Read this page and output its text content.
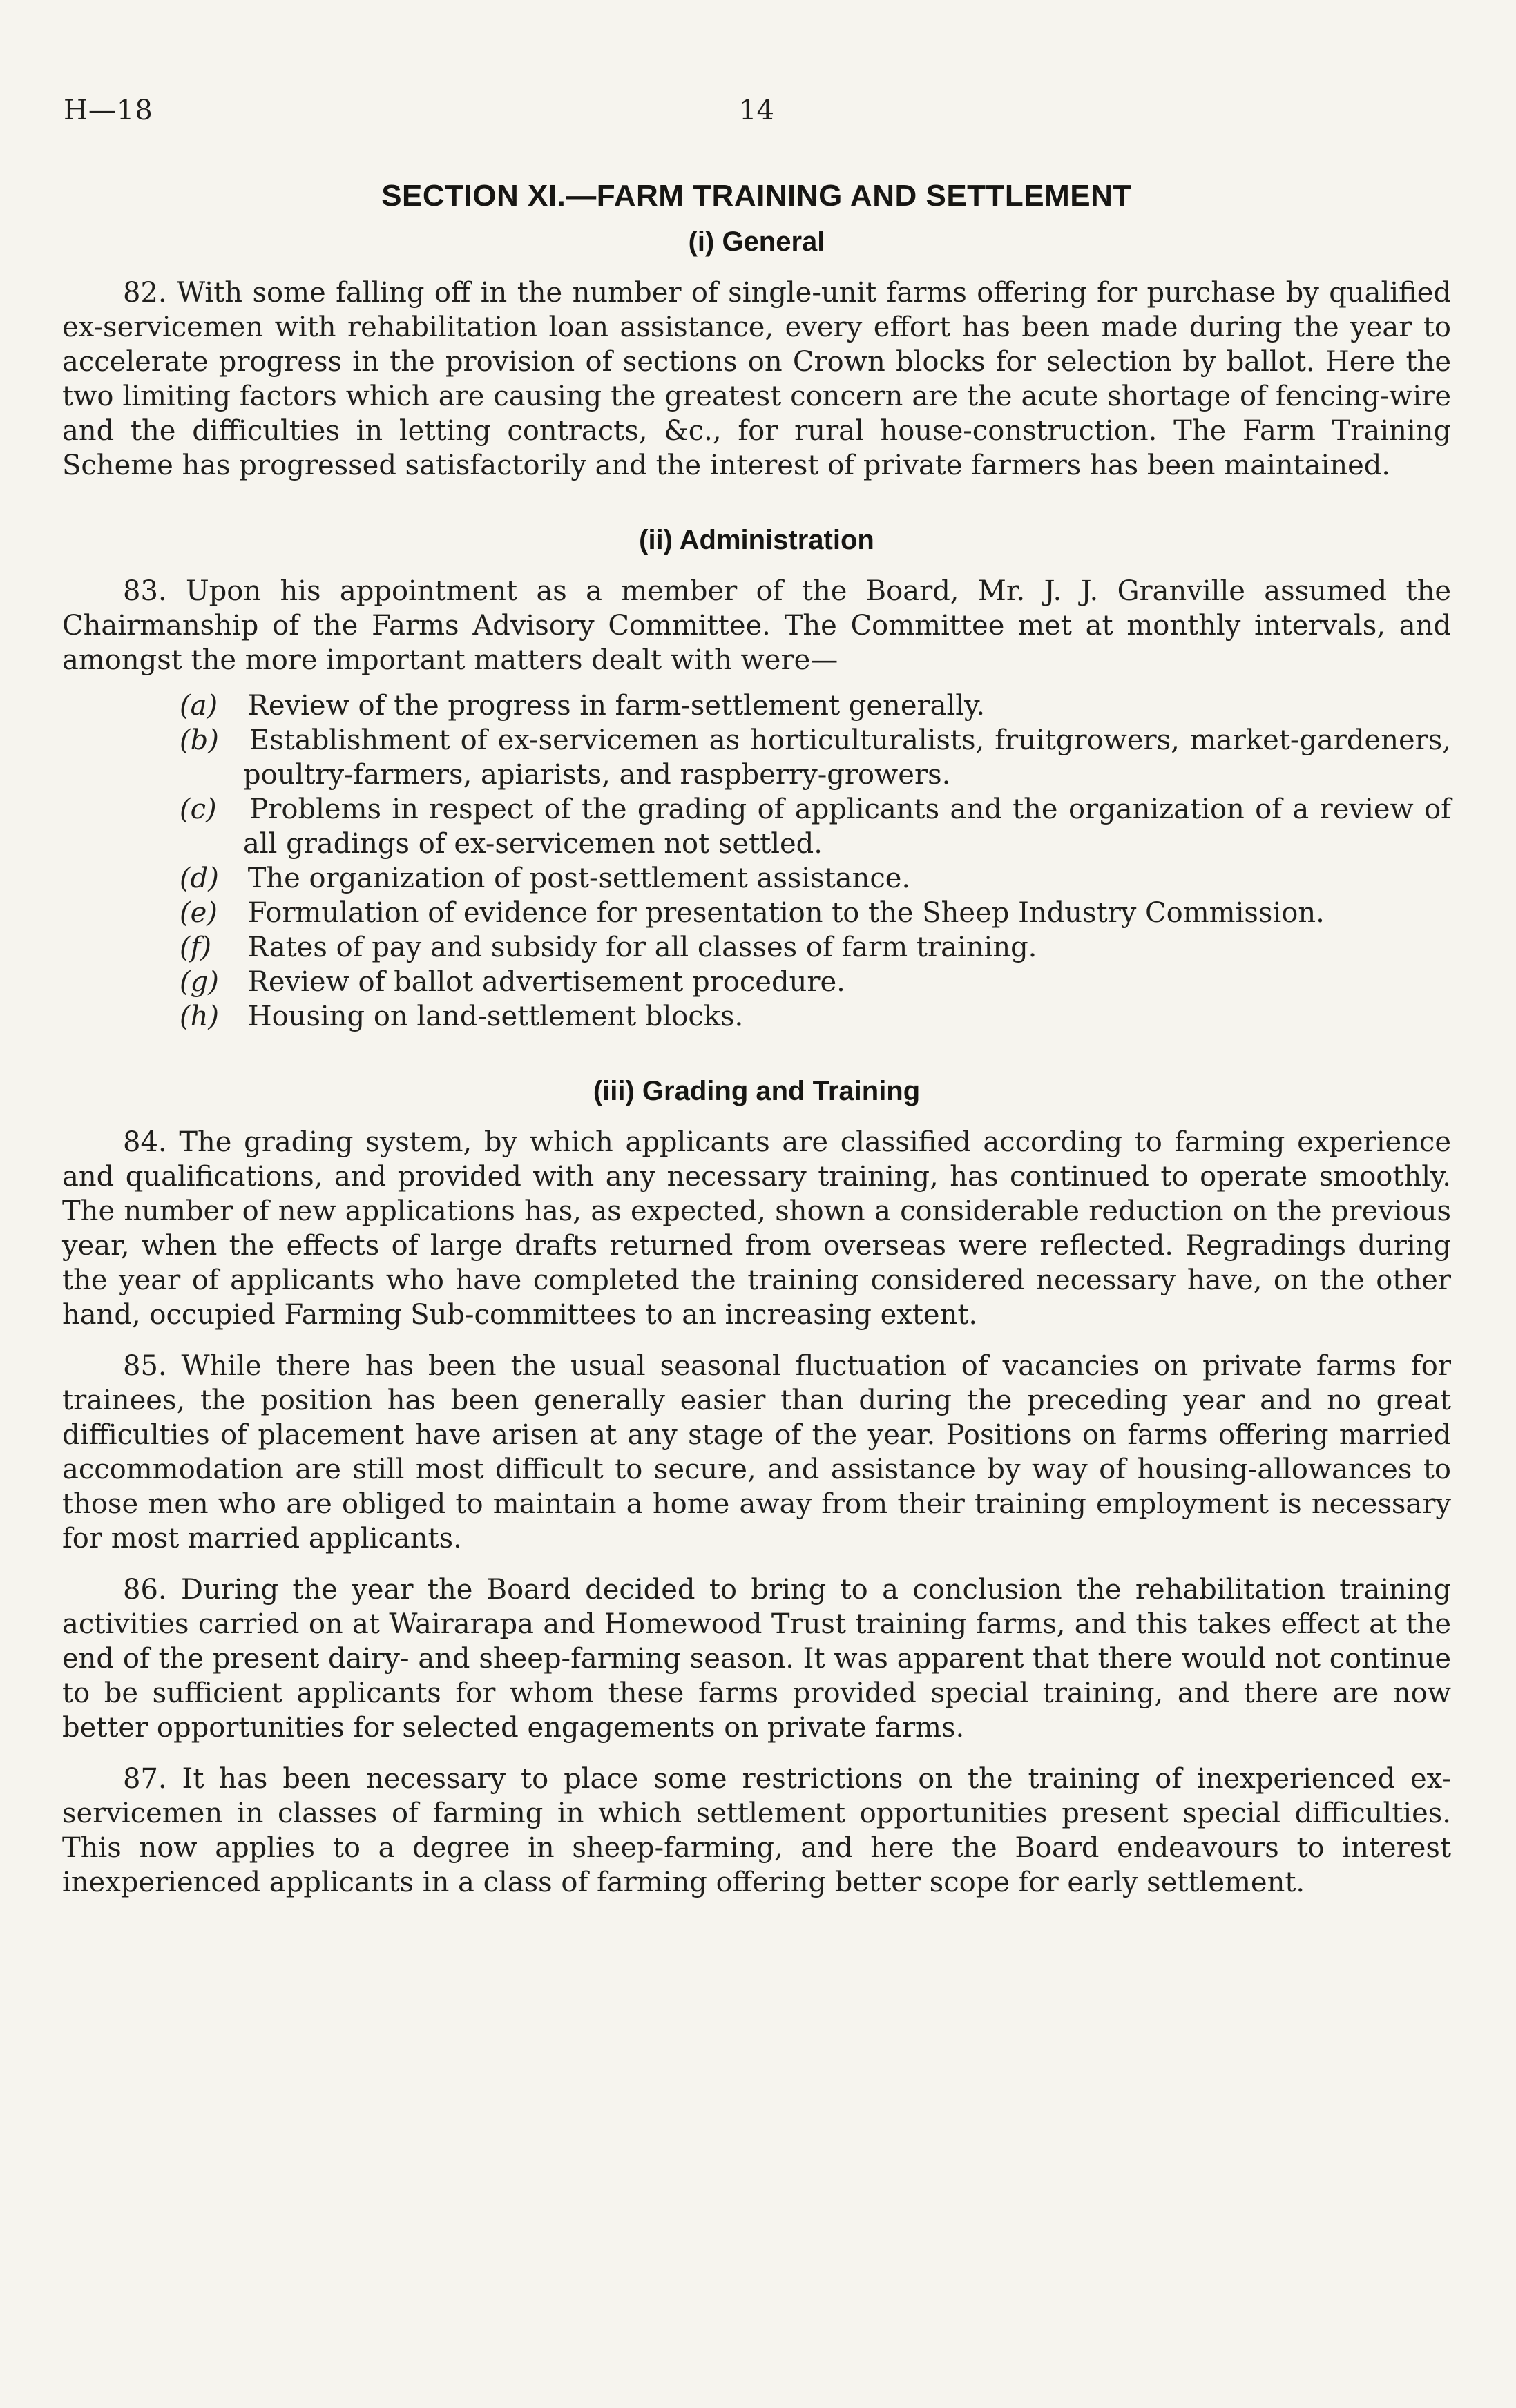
H—18	14
SECTION XI.—FARM TRAINING AND SETTLEMENT
(i) General

82. With some falling off in the number of single-unit farms offering for purchase by qualified ex-servicemen with rehabilitation loan assistance, every effort has been made during the year to accelerate progress in the provision of sections on Crown blocks for selection by ballot. Here the two limiting factors which are causing the greatest concern are the acute shortage of fencing-wire and the difficulties in letting contracts, &c., for rural house-construction. The Farm Training Scheme has progressed satisfactorily and the interest of private farmers has been maintained.

(ii) Administration

83. Upon his appointment as a member of the Board, Mr. J. J. Granville assumed the Chairmanship of the Farms Advisory Committee. The Committee met at monthly intervals, and amongst the more important matters dealt with were—

(a) Review of the progress in farm-settlement generally.
(b) Establishment of ex-servicemen as horticulturalists, fruitgrowers, market-gardeners, poultry-farmers, apiarists, and raspberry-growers.
(c) Problems in respect of the grading of applicants and the organization of a review of all gradings of ex-servicemen not settled.
(d) The organization of post-settlement assistance.
(e) Formulation of evidence for presentation to the Sheep Industry Commission.
(f) Rates of pay and subsidy for all classes of farm training.
(g) Review of ballot advertisement procedure.
(h) Housing on land-settlement blocks.
(iii) Grading and Training

84. The grading system, by which applicants are classified according to farming experience and qualifications, and provided with any necessary training, has continued to operate smoothly. The number of new applications has, as expected, shown a considerable reduction on the previous year, when the effects of large drafts returned from overseas were reflected. Regradings during the year of applicants who have completed the training considered necessary have, on the other hand, occupied Farming Sub-committees to an increasing extent.

85. While there has been the usual seasonal fluctuation of vacancies on private farms for trainees, the position has been generally easier than during the preceding year and no great difficulties of placement have arisen at any stage of the year. Positions on farms offering married accommodation are still most difficult to secure, and assistance by way of housing-allowances to those men who are obliged to maintain a home away from their training employment is necessary for most married applicants.

86. During the year the Board decided to bring to a conclusion the rehabilitation training activities carried on at Wairarapa and Homewood Trust training farms, and this takes effect at the end of the present dairy- and sheep-farming season. It was apparent that there would not continue to be sufficient applicants for whom these farms provided special training, and there are now better opportunities for selected engagements on private farms.

87. It has been necessary to place some restrictions on the training of inexperienced ex-servicemen in classes of farming in which settlement opportunities present special difficulties. This now applies to a degree in sheep-farming, and here the Board endeavours to interest inexperienced applicants in a class of farming offering better scope for early settlement.
